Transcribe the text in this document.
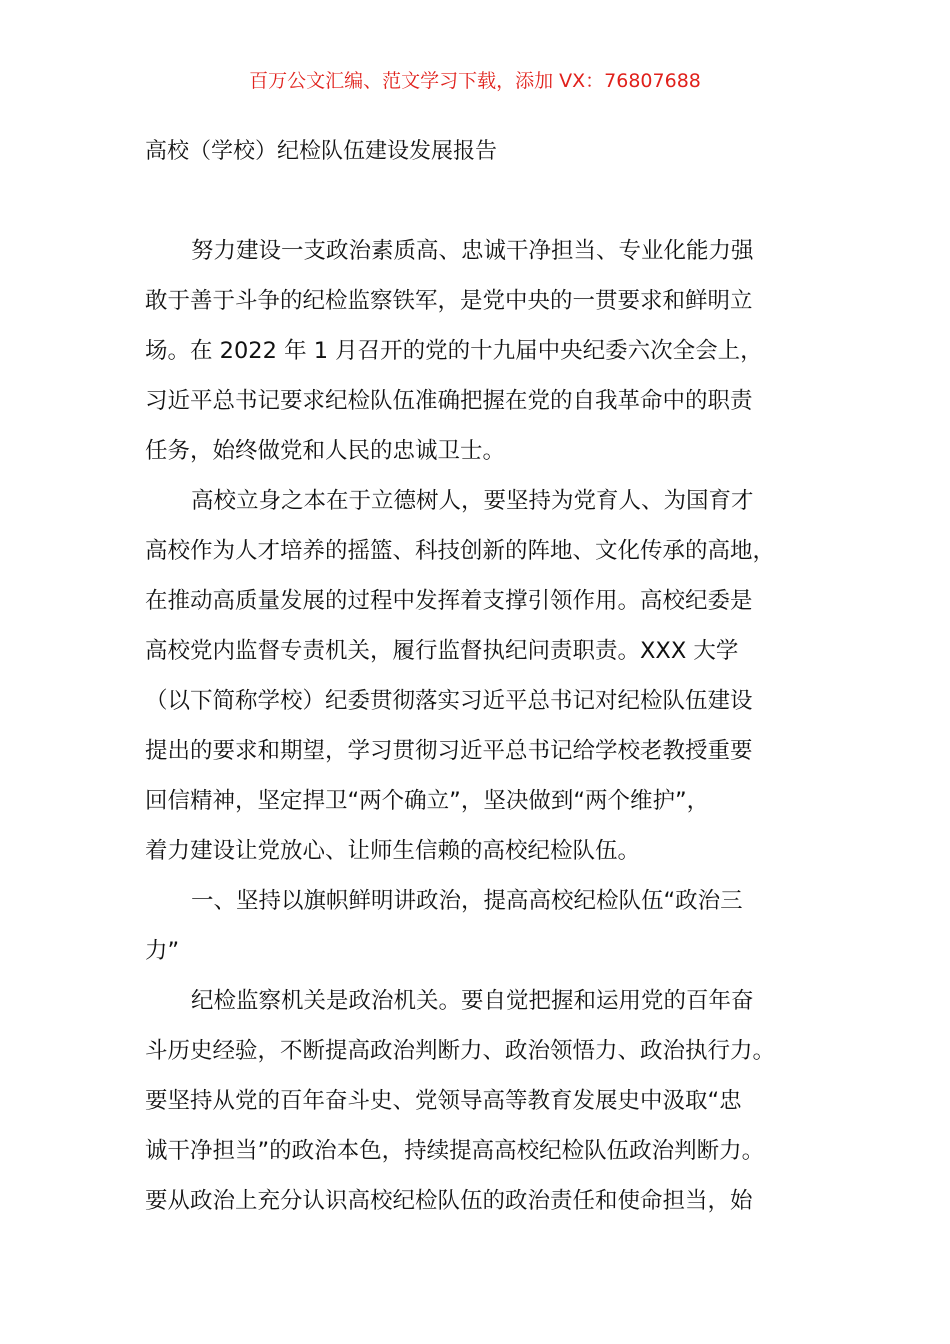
百万公文汇编、范文学习下载，添加 VX：76807688
高校（学校）纪检队伍建设发展报告
努力建设一支政治素质高、忠诚干净担当、专业化能力强
敢于善于斗争的纪检监察铁军，是党中央的一贯要求和鲜明立
场。在 2022 年 1 月召开的党的十九届中央纪委六次全会上，
习近平总书记要求纪检队伍准确把握在党的自我革命中的职责
任务，始终做党和人民的忠诚卫士。
高校立身之本在于立德树人，要坚持为党育人、为国育才
高校作为人才培养的摇篮、科技创新的阵地、文化传承的高地，
在推动高质量发展的过程中发挥着支撑引领作用。高校纪委是
高校党内监督专责机关，履行监督执纪问责职责。XXX 大学
（以下简称学校）纪委贯彻落实习近平总书记对纪检队伍建设
提出的要求和期望，学习贯彻习近平总书记给学校老教授重要
回信精神，坚定捍卫“两个确立”，坚决做到“两个维护”，
着力建设让党放心、让师生信赖的高校纪检队伍。
一、坚持以旗帜鲜明讲政治，提高高校纪检队伍“政治三
力”
纪检监察机关是政治机关。要自觉把握和运用党的百年奋
斗历史经验，不断提高政治判断力、政治领悟力、政治执行力。
要坚持从党的百年奋斗史、党领导高等教育发展史中汲取“忠
诚干净担当”的政治本色，持续提高高校纪检队伍政治判断力。
要从政治上充分认识高校纪检队伍的政治责任和使命担当，始
